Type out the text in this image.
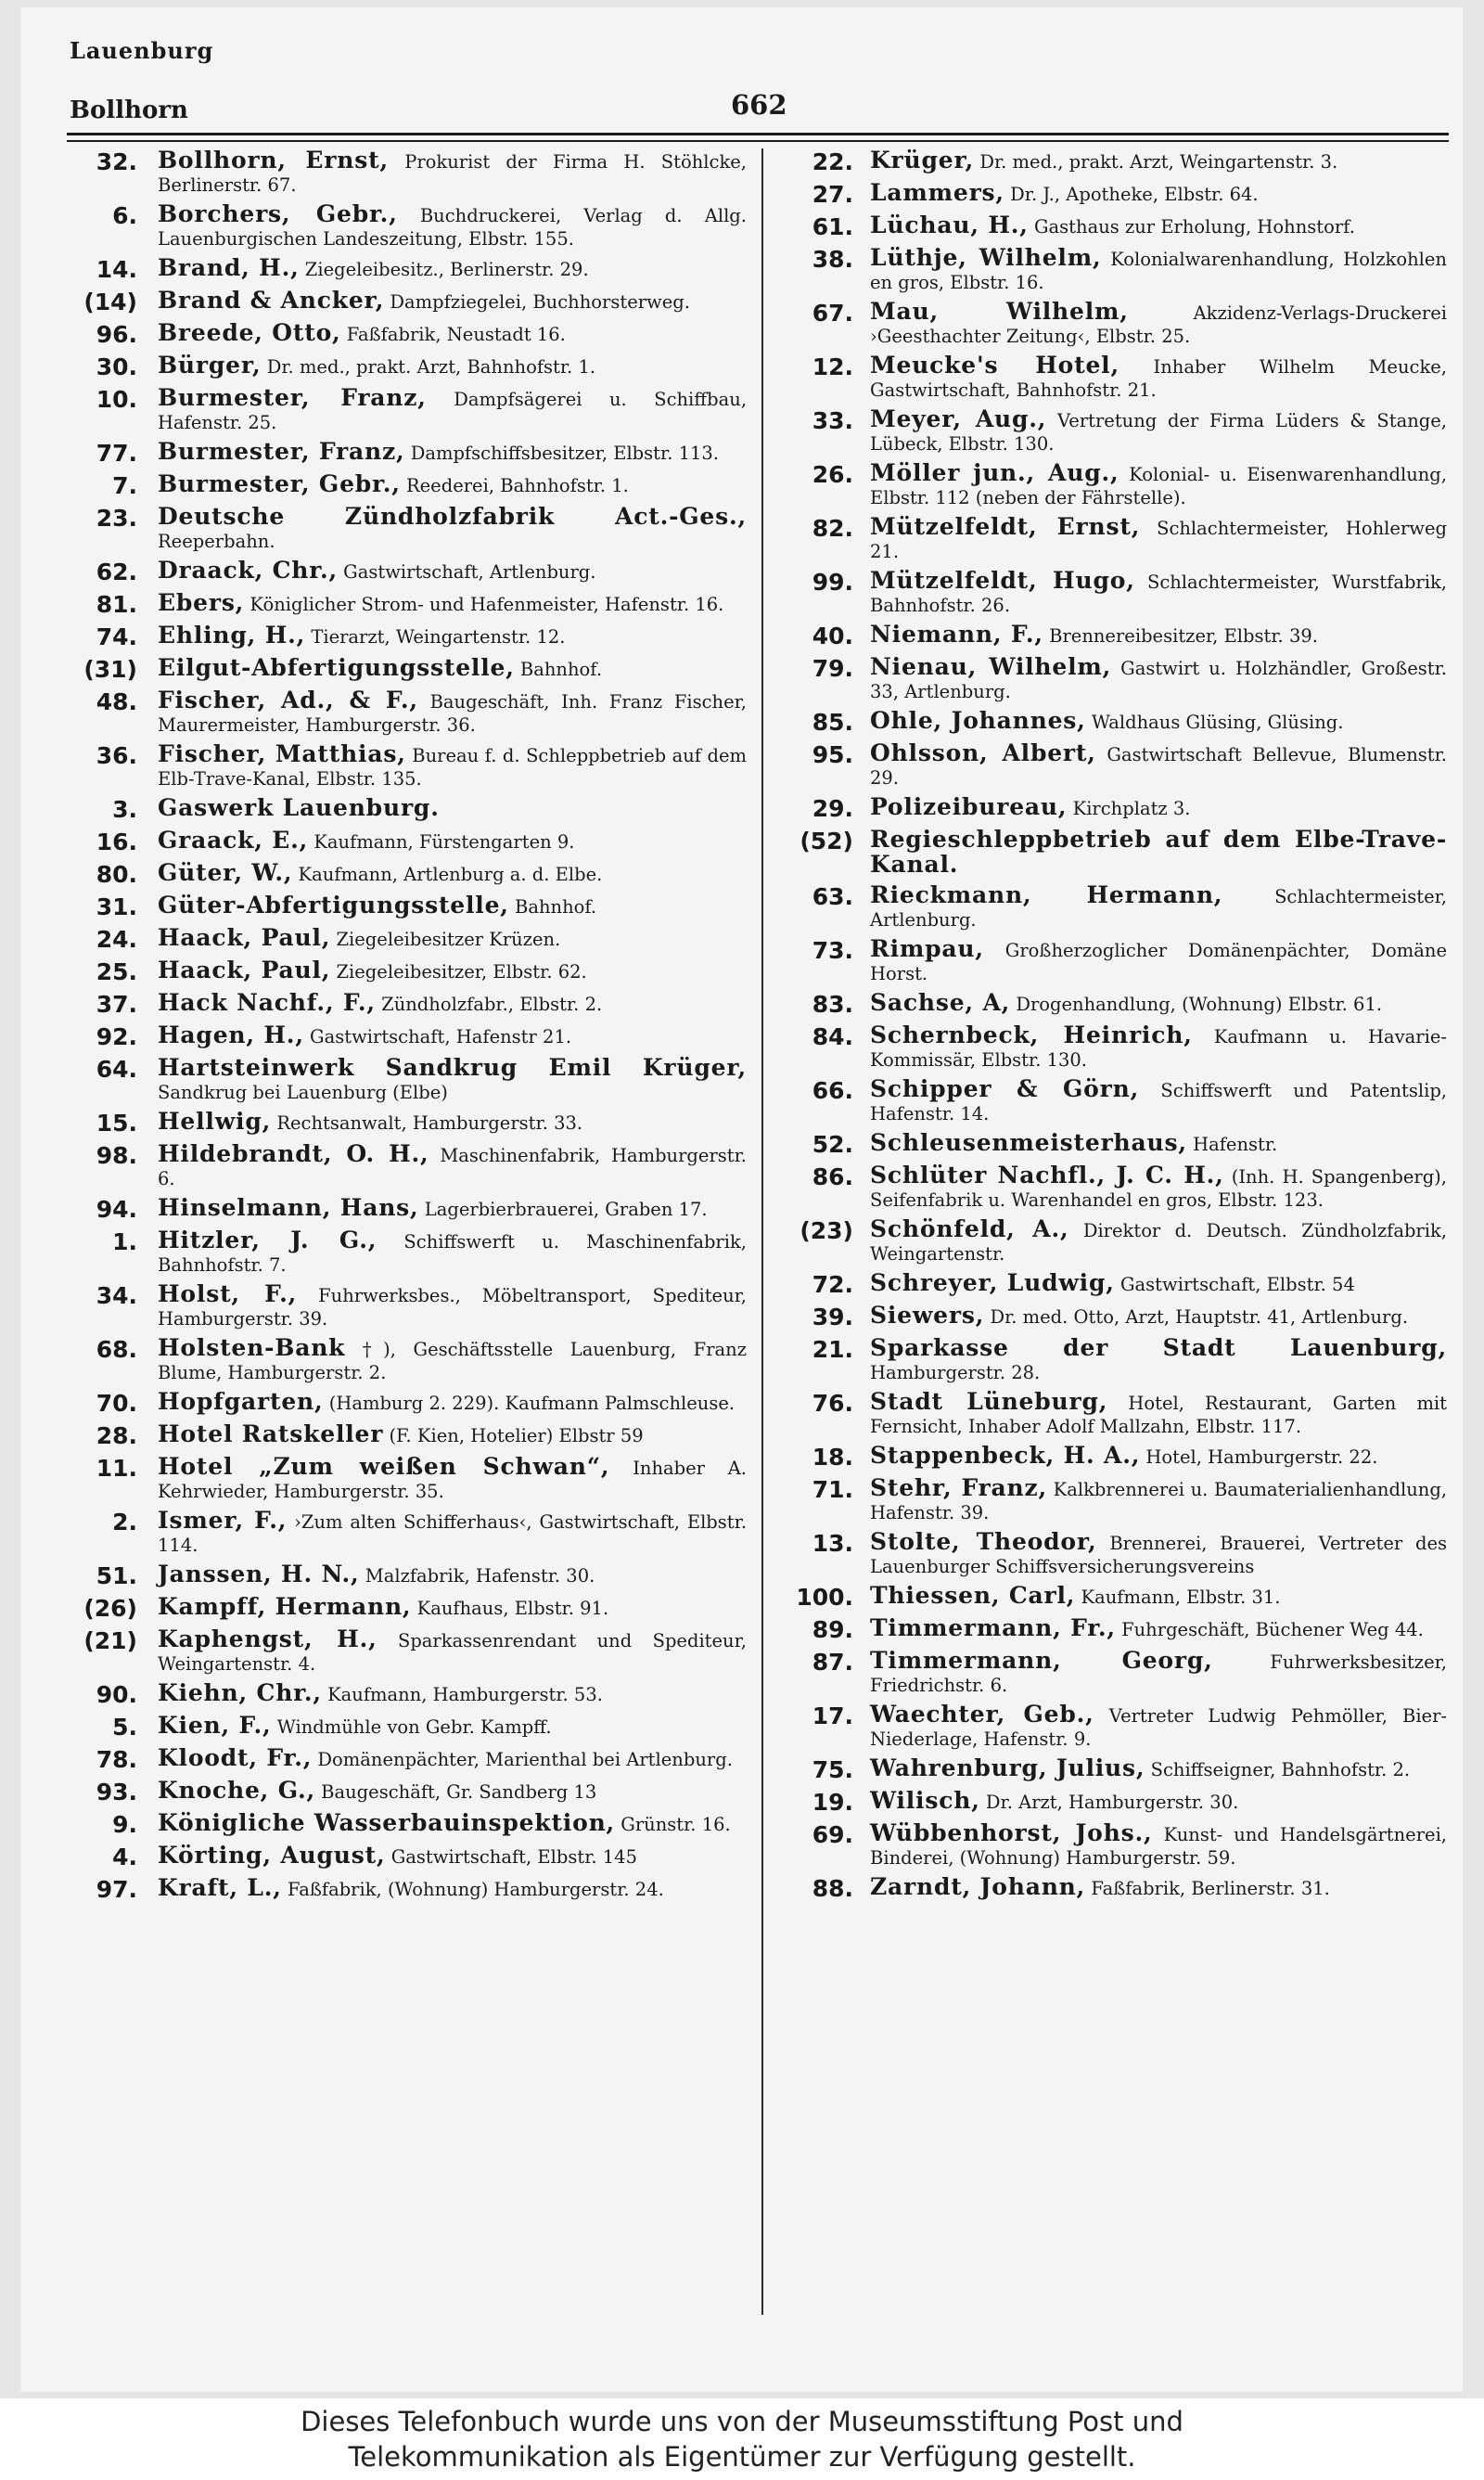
Lauenburg
Bollhorn	662
32. Bollhorn, Ernst, Prokurist der Firma H. Stöhlcke, Berlinerstr. 67.
6. Borchers, Gebr., Buchdruckerei, Verlag d. Allg. Lauenburgischen Landeszeitung, Elbstr. 155.
14. Brand, H., Ziegeleibesitz., Berlinerstr. 29.
(14) Brand & Ancker, Dampfziegelei, Buchhorsterweg.
96. Breede, Otto, Faßfabrik, Neustadt 16.
30. Bürger, Dr. med., prakt. Arzt, Bahnhofstr. 1.
10. Burmester, Franz, Dampfsägerei u. Schiffbau, Hafenstr. 25.
77. Burmester, Franz, Dampfschiffsbesitzer, Elbstr. 113.
7. Burmester, Gebr., Reederei, Bahnhofstr. 1.
23. Deutsche Zündholzfabrik Act.-Ges., Reeperbahn.
62. Draack, Chr., Gastwirtschaft, Artlenburg.
81. Ebers, Königlicher Strom- und Hafenmeister, Hafenstr. 16.
74. Ehling, H., Tierarzt, Weingartenstr. 12.
(31) Eilgut-Abfertigungsstelle, Bahnhof.
48. Fischer, Ad., & F., Baugeschäft, Inh. Franz Fischer, Maurermeister, Hamburgerstr. 36.
36. Fischer, Matthias, Bureau f. d. Schleppbetrieb auf dem Elb-Trave-Kanal, Elbstr. 135.
3. Gaswerk Lauenburg.
16. Graack, E., Kaufmann, Fürstengarten 9.
80. Güter, W., Kaufmann, Artlenburg a. d. Elbe.
31. Güter-Abfertigungsstelle, Bahnhof.
24. Haack, Paul, Ziegeleibesitzer Krüzen.
25. Haack, Paul, Ziegeleibesitzer, Elbstr. 62.
37. Hack Nachf., F., Zündholzfabr., Elbstr. 2.
92. Hagen, H., Gastwirtschaft, Hafenstr 21.
64. Hartsteinwerk Sandkrug Emil Krüger, Sandkrug bei Lauenburg (Elbe)
15. Hellwig, Rechtsanwalt, Hamburgerstr. 33.
98. Hildebrandt, O. H., Maschinenfabrik, Hamburgerstr. 6.
94. Hinselmann, Hans, Lagerbierbrauerei, Graben 17.
1. Hitzler, J. G., Schiffswerft u. Maschinenfabrik, Bahnhofstr. 7.
34. Holst, F., Fuhrwerksbes., Möbeltransport, Spediteur, Hamburgerstr. 39.
68. Holsten-Bank †), Geschäftsstelle Lauenburg, Franz Blume, Hamburgerstr. 2.
70. Hopfgarten, (Hamburg 2. 229). Kaufmann Palmschleuse.
28. Hotel Ratskeller (F. Kien, Hotelier) Elbstr 59
11. Hotel „Zum weißen Schwan“, Inhaber A. Kehrwieder, Hamburgerstr. 35.
2. Ismer, F., ›Zum alten Schifferhaus‹, Gastwirtschaft, Elbstr. 114.
51. Janssen, H. N., Malzfabrik, Hafenstr. 30.
(26) Kampff, Hermann, Kaufhaus, Elbstr. 91.
(21) Kaphengst, H., Sparkassenrendant und Spediteur, Weingartenstr. 4.
90. Kiehn, Chr., Kaufmann, Hamburgerstr. 53.
5. Kien, F., Windmühle von Gebr. Kampff.
78. Kloodt, Fr., Domänenpächter, Marienthal bei Artlenburg.
93. Knoche, G., Baugeschäft, Gr. Sandberg 13
9. Königliche Wasserbauinspektion, Grünstr. 16.
4. Körting, August, Gastwirtschaft, Elbstr. 145
97. Kraft, L., Faßfabrik, (Wohnung) Hamburgerstr. 24.
22. Krüger, Dr. med., prakt. Arzt, Weingartenstr. 3.
27. Lammers, Dr. J., Apotheke, Elbstr. 64.
61. Lüchau, H., Gasthaus zur Erholung, Hohnstorf.
38. Lüthje, Wilhelm, Kolonialwarenhandlung, Holzkohlen en gros, Elbstr. 16.
67. Mau, Wilhelm,	Akzidenz-Verlags-Druckerei ›Geesthachter Zeitung‹, Elbstr. 25.
12. Meucke's Hotel, Inhaber Wilhelm Meucke, Gastwirtschaft, Bahnhofstr. 21.
33. Meyer, Aug., Vertretung der Firma Lüders & Stange, Lübeck, Elbstr. 130.
26. Möller jun., Aug., Kolonial- u. Eisenwarenhandlung, Elbstr. 112 (neben der Fährstelle).
82. Mützelfeldt, Ernst, Schlachtermeister, Hohlerweg 21.
99. Mützelfeldt, Hugo, Schlachtermeister, Wurstfabrik, Bahnhofstr. 26.
40. Niemann, F., Brennereibesitzer, Elbstr. 39.
79. Nienau, Wilhelm, Gastwirt u. Holzhändler, Großestr. 33, Artlenburg.
85. Ohle, Johannes, Waldhaus Glüsing, Glüsing.
95. Ohlsson, Albert, Gastwirtschaft Bellevue, Blumenstr. 29.
29. Polizeibureau, Kirchplatz 3.
(52) Regieschleppbetrieb auf dem Elbe-Trave-Kanal.
63. Rieckmann, Hermann,	Schlachtermeister, Artlenburg.
73. Rimpau, Großherzoglicher Domänenpächter, Domäne Horst.
83. Sachse, A, Drogenhandlung, (Wohnung) Elbstr. 61.
84. Schernbeck, Heinrich, Kaufmann u. Havarie-Kommissär, Elbstr. 130.
66. Schipper & Görn, Schiffswerft und Patentslip, Hafenstr. 14.
52. Schleusenmeisterhaus, Hafenstr.
86. Schlüter Nachfl., J. C. H., (Inh. H. Spangenberg), Seifenfabrik u. Warenhandel en gros, Elbstr. 123.
(23) Schönfeld, A., Direktor d. Deutsch. Zündholzfabrik, Weingartenstr.
72. Schreyer, Ludwig, Gastwirtschaft, Elbstr. 54
39. Siewers, Dr. med. Otto, Arzt, Hauptstr. 41, Artlenburg.
21. Sparkasse der Stadt Lauenburg, Hamburgerstr. 28.
76. Stadt Lüneburg, Hotel, Restaurant, Garten mit Fernsicht, Inhaber Adolf Mallzahn, Elbstr. 117.
18. Stappenbeck, H. A., Hotel, Hamburgerstr. 22.
71. Stehr, Franz, Kalkbrennerei u. Baumaterialienhandlung, Hafenstr. 39.
13. Stolte, Theodor, Brennerei, Brauerei, Vertreter des Lauenburger Schiffsversicherungsvereins
100. Thiessen, Carl, Kaufmann, Elbstr. 31.
89. Timmermann, Fr., Fuhrgeschäft, Büchener Weg 44.
87. Timmermann, Georg,	Fuhrwerksbesitzer, Friedrichstr. 6.
17. Waechter, Geb., Vertreter Ludwig Pehmöller, Bier-Niederlage, Hafenstr. 9.
75. Wahrenburg, Julius, Schiffseigner, Bahnhofstr. 2.
19. Wilisch, Dr. Arzt, Hamburgerstr. 30.
69. Wübbenhorst, Johs., Kunst- und Handelsgärtnerei, Binderei, (Wohnung) Hamburgerstr. 59.
88. Zarndt, Johann, Faßfabrik, Berlinerstr. 31.
Dieses Telefonbuch wurde uns von der Museumsstiftung Post und
Telekommunikation als Eigentümer zur Verfügung gestellt.
